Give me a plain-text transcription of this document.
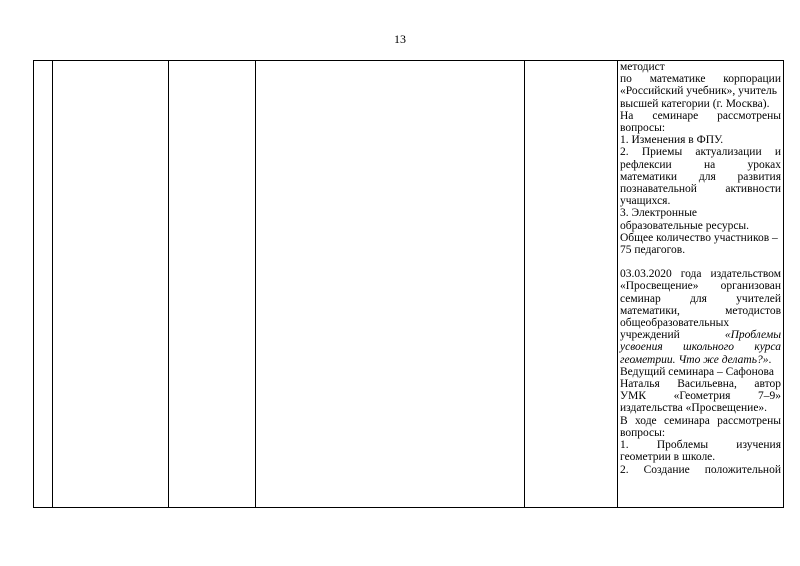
13

методист
по математике корпорации
«Российский учебник», учитель
высшей категории (г. Москва).
На семинаре рассмотрены
вопросы:
1. Изменения в ФПУ.
2. Приемы актуализации и
рефлексии на уроках
математики для развития
познавательной активности
учащихся.
3. Электронные
образовательные ресурсы.
Общее количество участников –
75 педагогов.
03.03.2020 года издательством
«Просвещение» организован
семинар для учителей
математики, методистов
общеобразовательных
учреждений	«Проблемы
усвоения школьного курса
геометрии. Что же делать?».
Ведущий семинара – Сафонова
Наталья Васильевна, автор
УМК «Геометрия 7–9»
издательства «Просвещение».
В ходе семинара рассмотрены
вопросы:
1. Проблемы изучения
геометрии в школе.
2. Создание положительной
